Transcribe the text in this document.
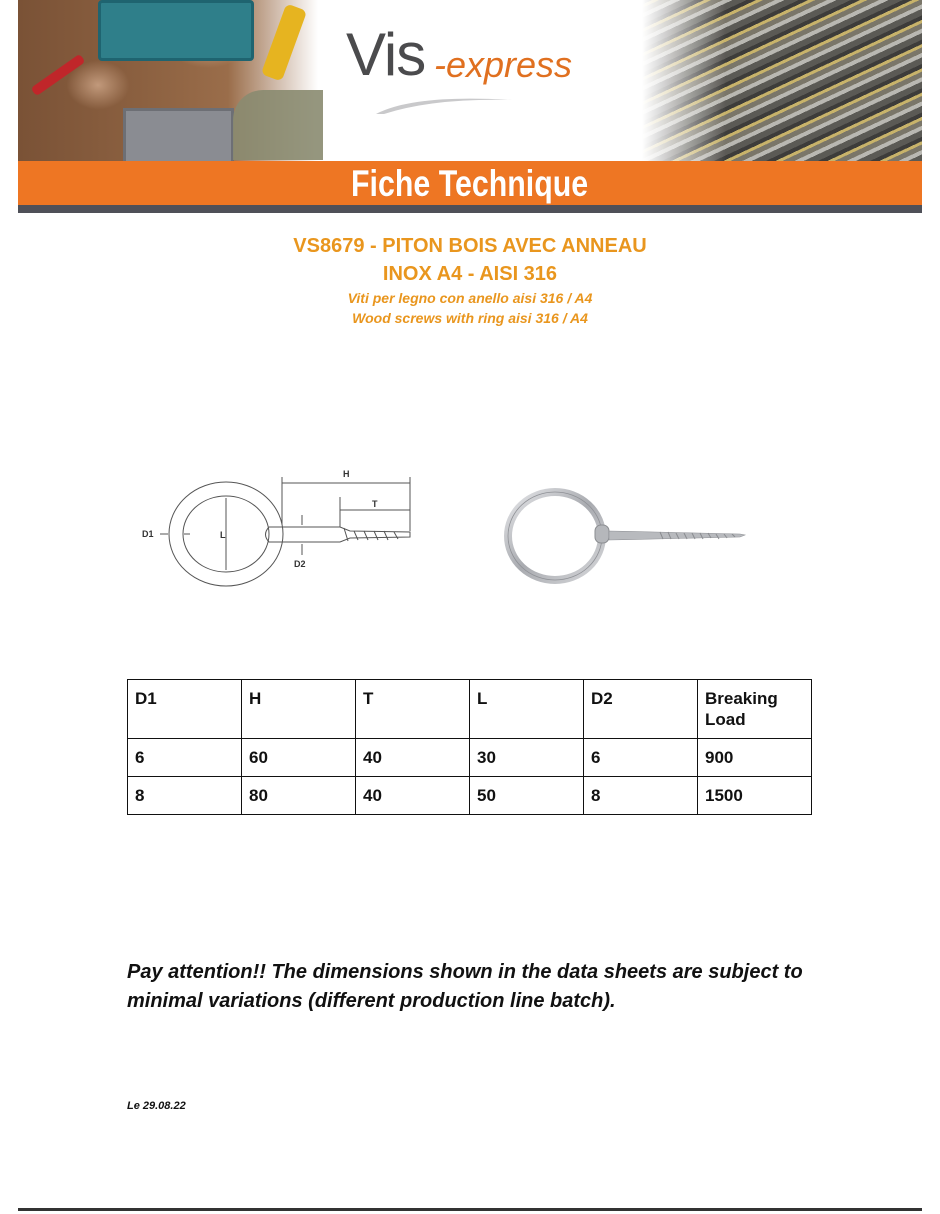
Vis -express
Fiche Technique
VS8679 - PITON BOIS AVEC ANNEAU
INOX A4 - AISI 316
Viti per legno con anello aisi 316 / A4
Wood screws with ring aisi 316 / A4
D1	L
H
T
D2
D1	H	T	L	D2	Breaking Load
6	60	40	30	6	900
8	80	40	50	8	1500
Pay attention!! The dimensions shown in the data sheets are subject to minimal variations (different production line batch).
Le 29.08.22
